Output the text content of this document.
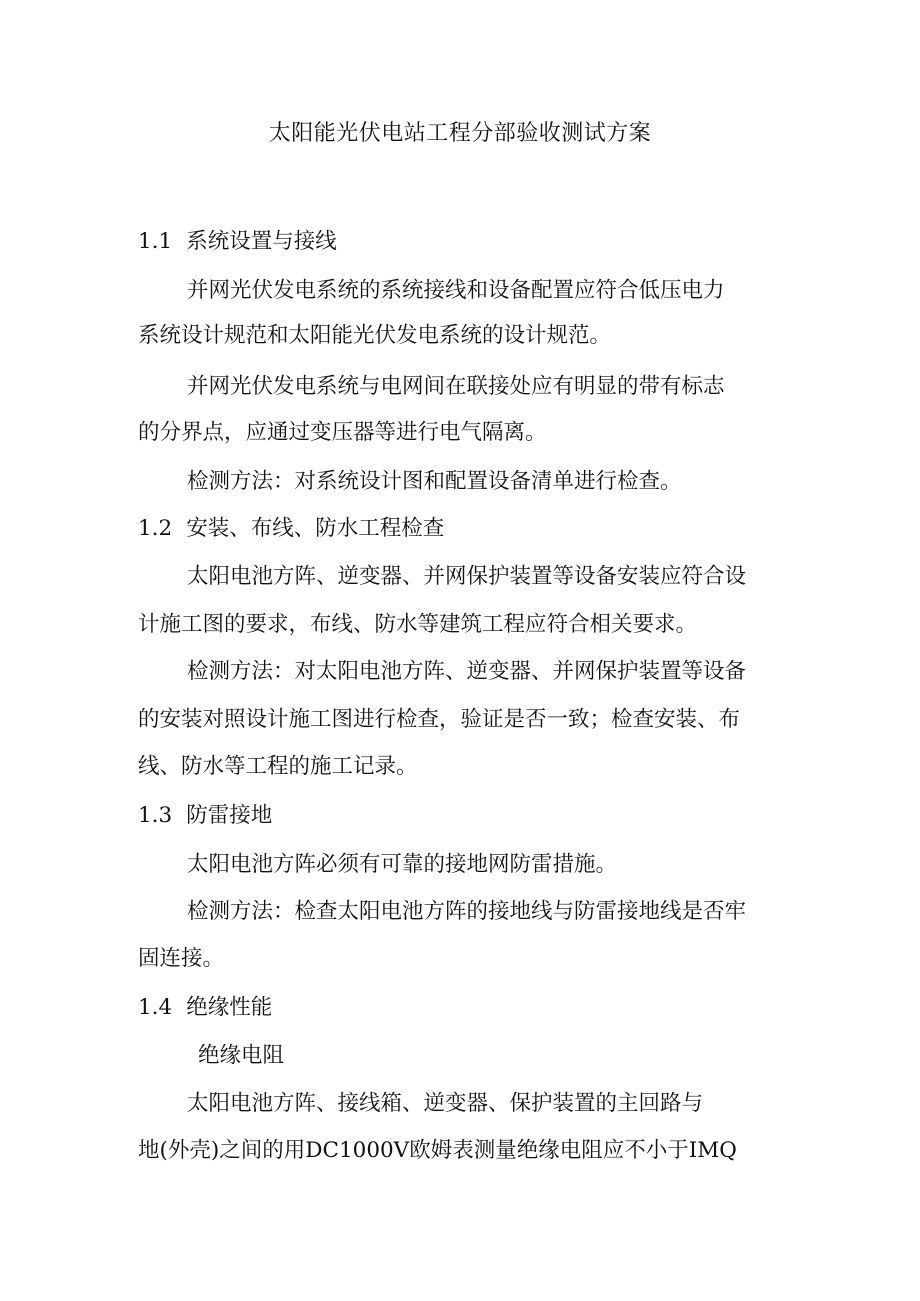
太阳能光伏电站工程分部验收测试方案
1.1 系统设置与接线
并网光伏发电系统的系统接线和设备配置应符合低压电力
系统设计规范和太阳能光伏发电系统的设计规范。
并网光伏发电系统与电网间在联接处应有明显的带有标志
的分界点，应通过变压器等进行电气隔离。
检测方法：对系统设计图和配置设备清单进行检查。
1.2 安装、布线、防水工程检查
太阳电池方阵、逆变器、并网保护装置等设备安装应符合设
计施工图的要求，布线、防水等建筑工程应符合相关要求。
检测方法：对太阳电池方阵、逆变器、并网保护装置等设备
的安装对照设计施工图进行检查，验证是否一致；检查安装、布
线、防水等工程的施工记录。
1.3 防雷接地
太阳电池方阵必须有可靠的接地网防雷措施。
检测方法：检查太阳电池方阵的接地线与防雷接地线是否牢
固连接。
1.4 绝缘性能
绝缘电阻
太阳电池方阵、接线箱、逆变器、保护装置的主回路与
地(外壳)之间的用DC1000V欧姆表测量绝缘电阻应不小于IMQ
